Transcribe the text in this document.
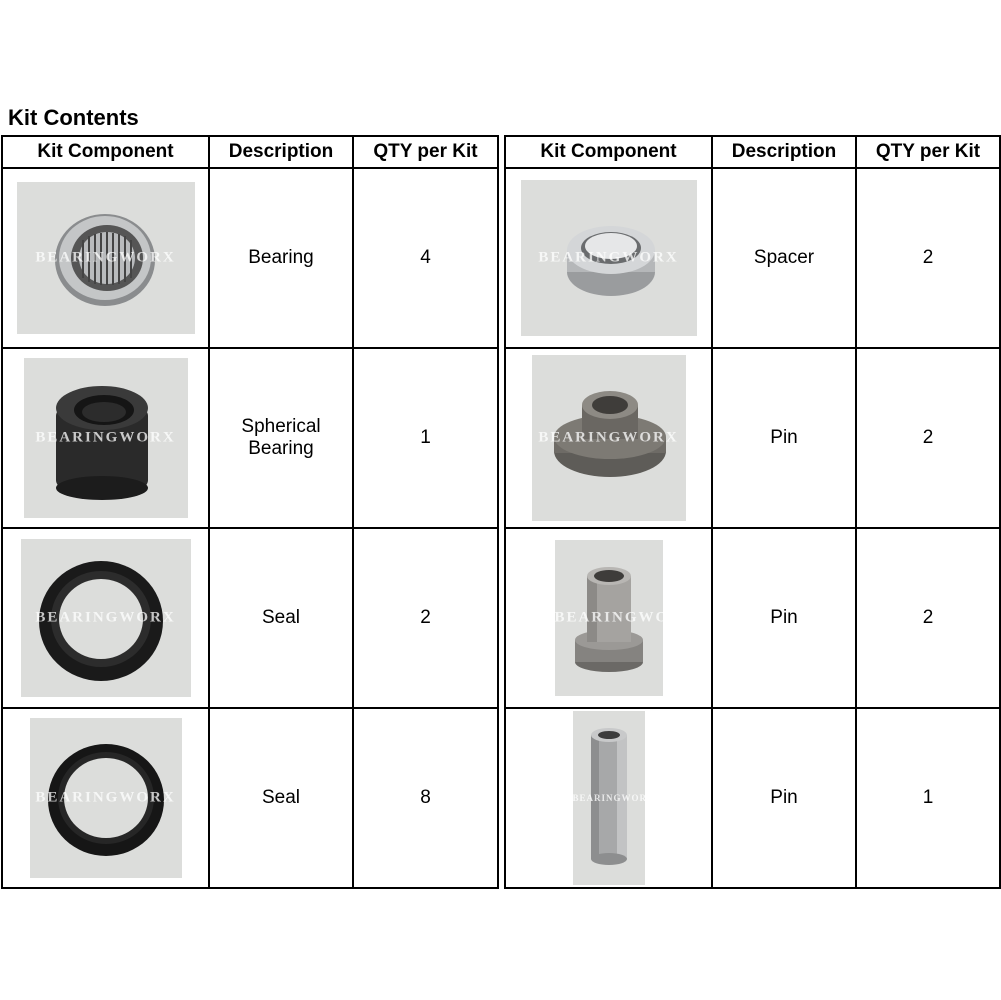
Kit Contents
Kit Component	Description	QTY per Kit

BEARINGWORX	Bearing	4

BEARINGWORX	Spherical Bearing	1

BEARINGWORX	Seal	2

BEARINGWORX	Seal	8
Kit Component	Description	QTY per Kit

BEARINGWORX	Spacer	2

BEARINGWORX	Pin	2

BEARINGWORX	Pin	2

BEARINGWORX	Pin	1
